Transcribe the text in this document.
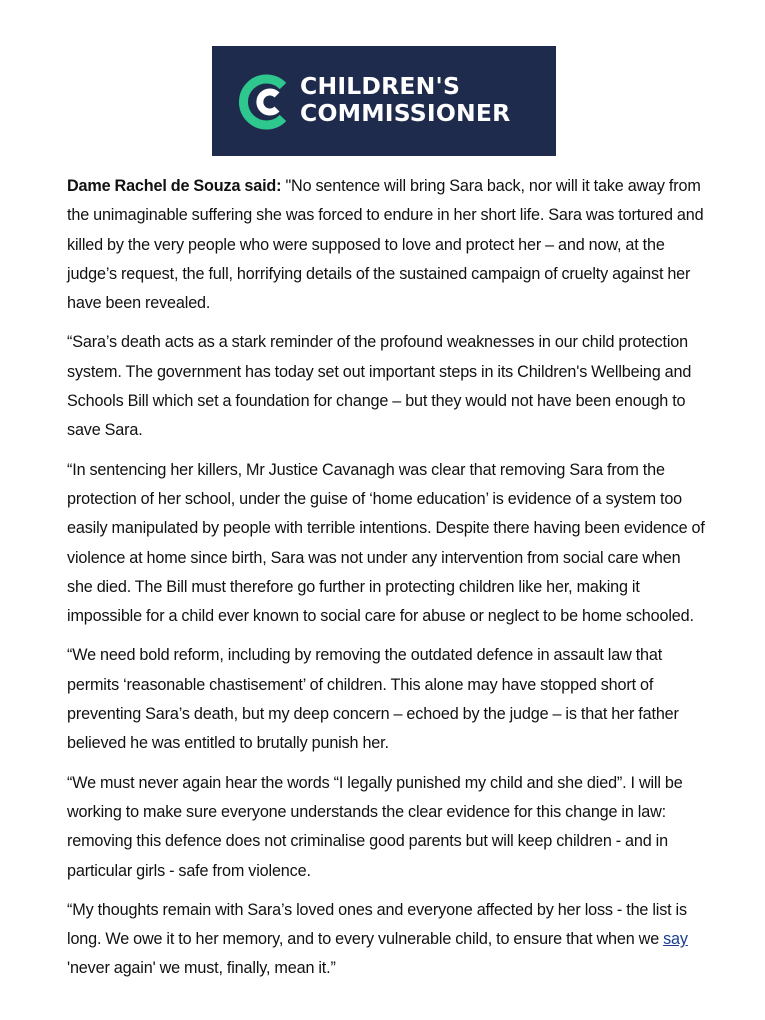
CHILDREN'S
COMMISSIONER

Dame Rachel de Souza said: "No sentence will bring Sara back, nor will it take away from the unimaginable suffering she was forced to endure in her short life. Sara was tortured and killed by the very people who were supposed to love and protect her – and now, at the judge’s request, the full, horrifying details of the sustained campaign of cruelty against her have been revealed.

“Sara’s death acts as a stark reminder of the profound weaknesses in our child protection system. The government has today set out important steps in its Children's Wellbeing and Schools Bill which set a foundation for change – but they would not have been enough to save Sara.

“In sentencing her killers, Mr Justice Cavanagh was clear that removing Sara from the protection of her school, under the guise of ‘home education’ is evidence of a system too easily manipulated by people with terrible intentions. Despite there having been evidence of violence at home since birth, Sara was not under any intervention from social care when she died. The Bill must therefore go further in protecting children like her, making it impossible for a child ever known to social care for abuse or neglect to be home schooled.

“We need bold reform, including by removing the outdated defence in assault law that permits ‘reasonable chastisement’ of children. This alone may have stopped short of preventing Sara’s death, but my deep concern – echoed by the judge – is that her father believed he was entitled to brutally punish her.

“We must never again hear the words “I legally punished my child and she died”. I will be working to make sure everyone understands the clear evidence for this change in law: removing this defence does not criminalise good parents but will keep children - and in particular girls - safe from violence.

“My thoughts remain with Sara’s loved ones and everyone affected by her loss - the list is long. We owe it to her memory, and to every vulnerable child, to ensure that when we say 'never again' we must, finally, mean it.”
